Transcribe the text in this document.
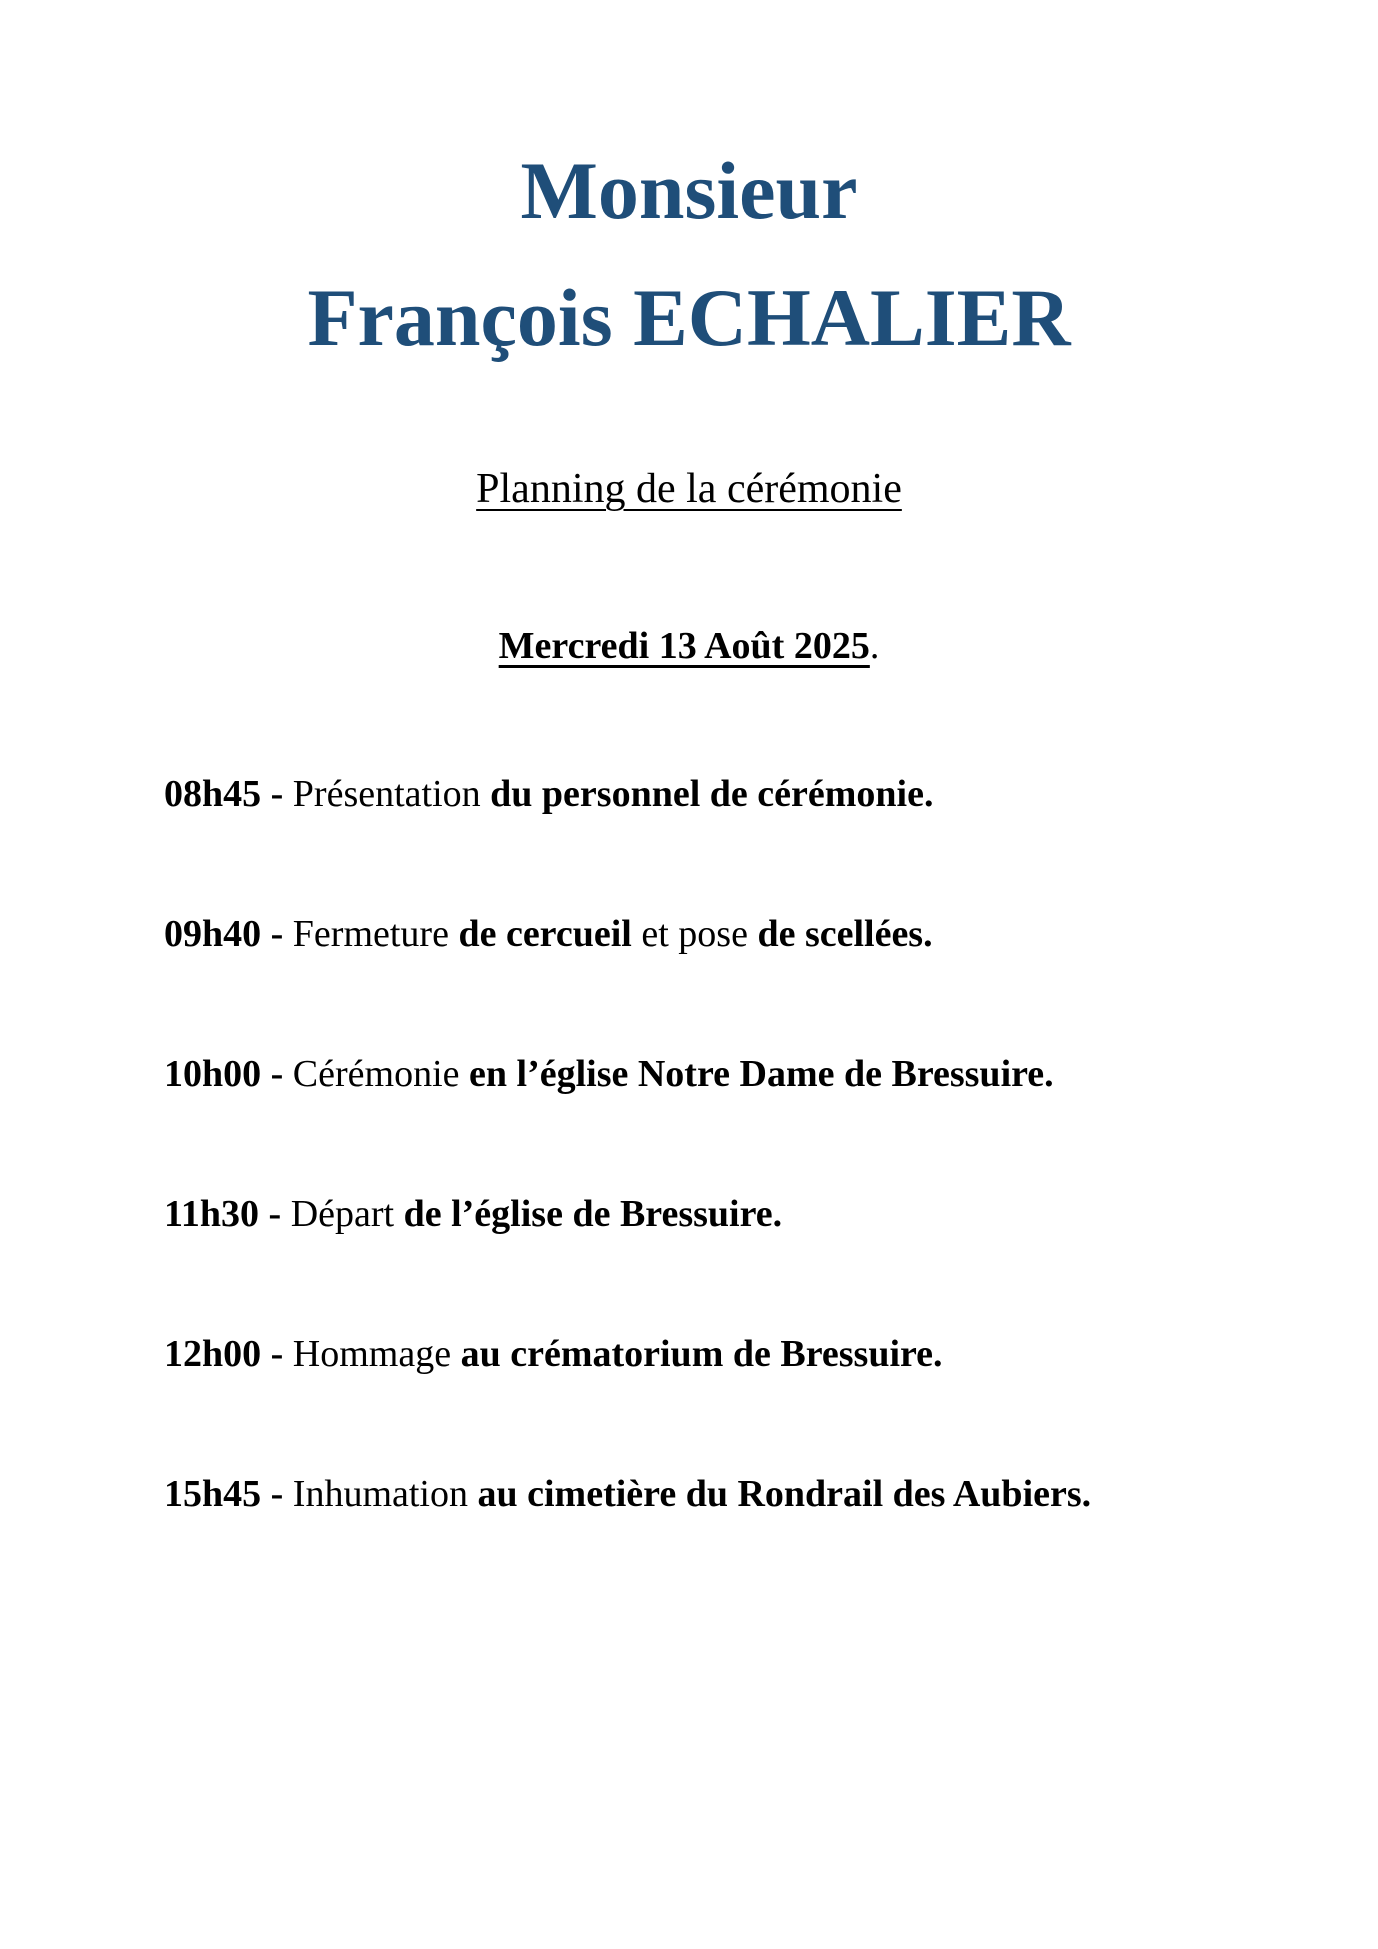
Monsieur
François ECHALIER

Planning de la cérémonie

Mercredi 13 Août 2025.

08h45 - Présentation du personnel de cérémonie.

09h40 - Fermeture de cercueil et pose de scellées.

10h00 - Cérémonie en l’église Notre Dame de Bressuire.

11h30 - Départ de l’église de Bressuire.

12h00 - Hommage au crématorium de Bressuire.

15h45 - Inhumation au cimetière du Rondrail des Aubiers.
